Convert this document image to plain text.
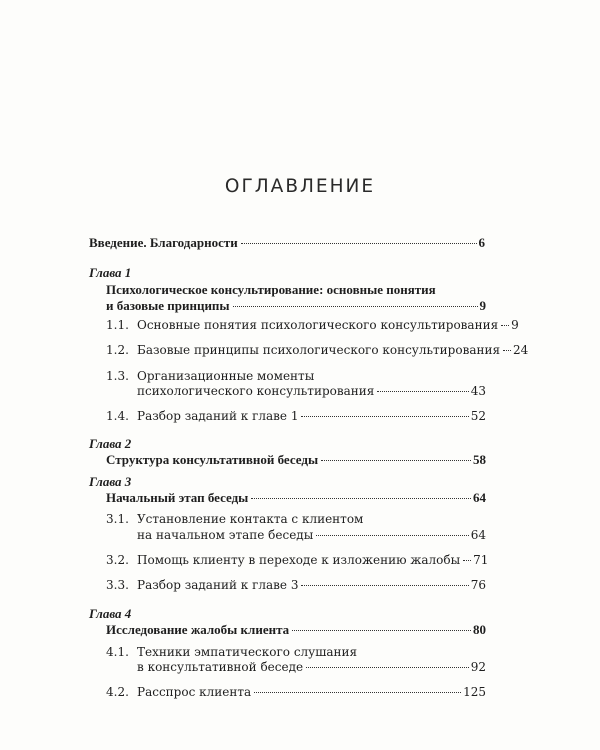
ОГЛАВЛЕНИЕ
Введение. Благодарности	6
Глава 1
Психологическое консультирование: основные понятия
и базовые принципы	9
1.1. Основные понятия психологического консультирования 9
1.2. Базовые принципы психологического консультирования 24
1.3. Организационные моменты
психологического консультирования	43
1.4. Разбор заданий к главе 1	52
Глава 2
Структура консультативной беседы	58
Глава 3
Начальный этап беседы	64
3.1. Установление контакта с клиентом
на начальном этапе беседы	64
3.2. Помощь клиенту в переходе к изложению жалобы 71
3.3. Разбор заданий к главе 3	76
Глава 4
Исследование жалобы клиента	80
4.1. Техники эмпатического слушания
в консультативной беседе	92
4.2. Расспрос клиента	125
